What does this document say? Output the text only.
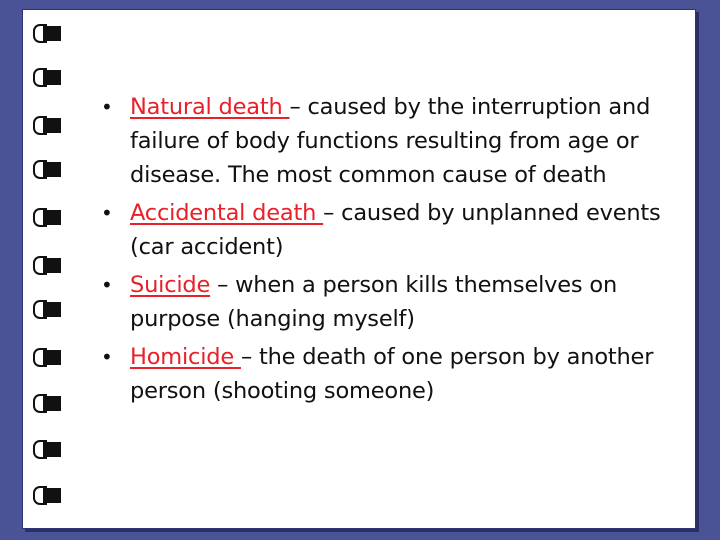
• Natural death – caused by the interruption and failure of body functions resulting from age or disease. The most common cause of death
• Accidental death – caused by unplanned events (car accident)
• Suicide – when a person kills themselves on purpose (hanging myself)
• Homicide – the death of one person by another person (shooting someone)
